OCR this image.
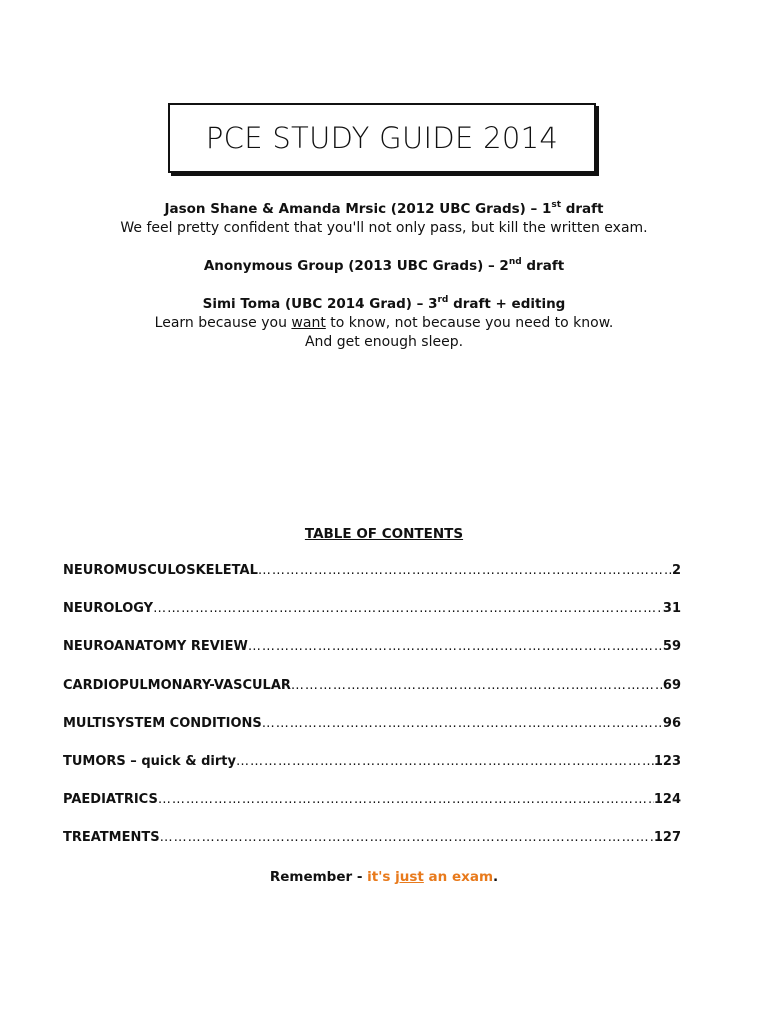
PCE STUDY GUIDE 2014
Jason Shane & Amanda Mrsic (2012 UBC Grads) – 1st draft
We feel pretty confident that you'll not only pass, but kill the written exam.
Anonymous Group (2013 UBC Grads) – 2nd draft
Simi Toma (UBC 2014 Grad) – 3rd draft + editing
Learn because you want to know, not because you need to know.
And get enough sleep.
TABLE OF CONTENTS
NEUROMUSCULOSKELETAL ……………………………………………………………………………………………………………………………………………………………………	2
NEUROLOGY ……………………………………………………………………………………………………………………………………………………………………	31
NEUROANATOMY REVIEW ……………………………………………………………………………………………………………………………………………………………………	59
CARDIOPULMONARY-VASCULAR ……………………………………………………………………………………………………………………………………………………………………	69
MULTISYSTEM CONDITIONS ……………………………………………………………………………………………………………………………………………………………………	96
TUMORS – quick & dirty ……………………………………………………………………………………………………………………………………………………………………	123
PAEDIATRICS ……………………………………………………………………………………………………………………………………………………………………	124
TREATMENTS ……………………………………………………………………………………………………………………………………………………………………	127
Remember - it's just an exam.
